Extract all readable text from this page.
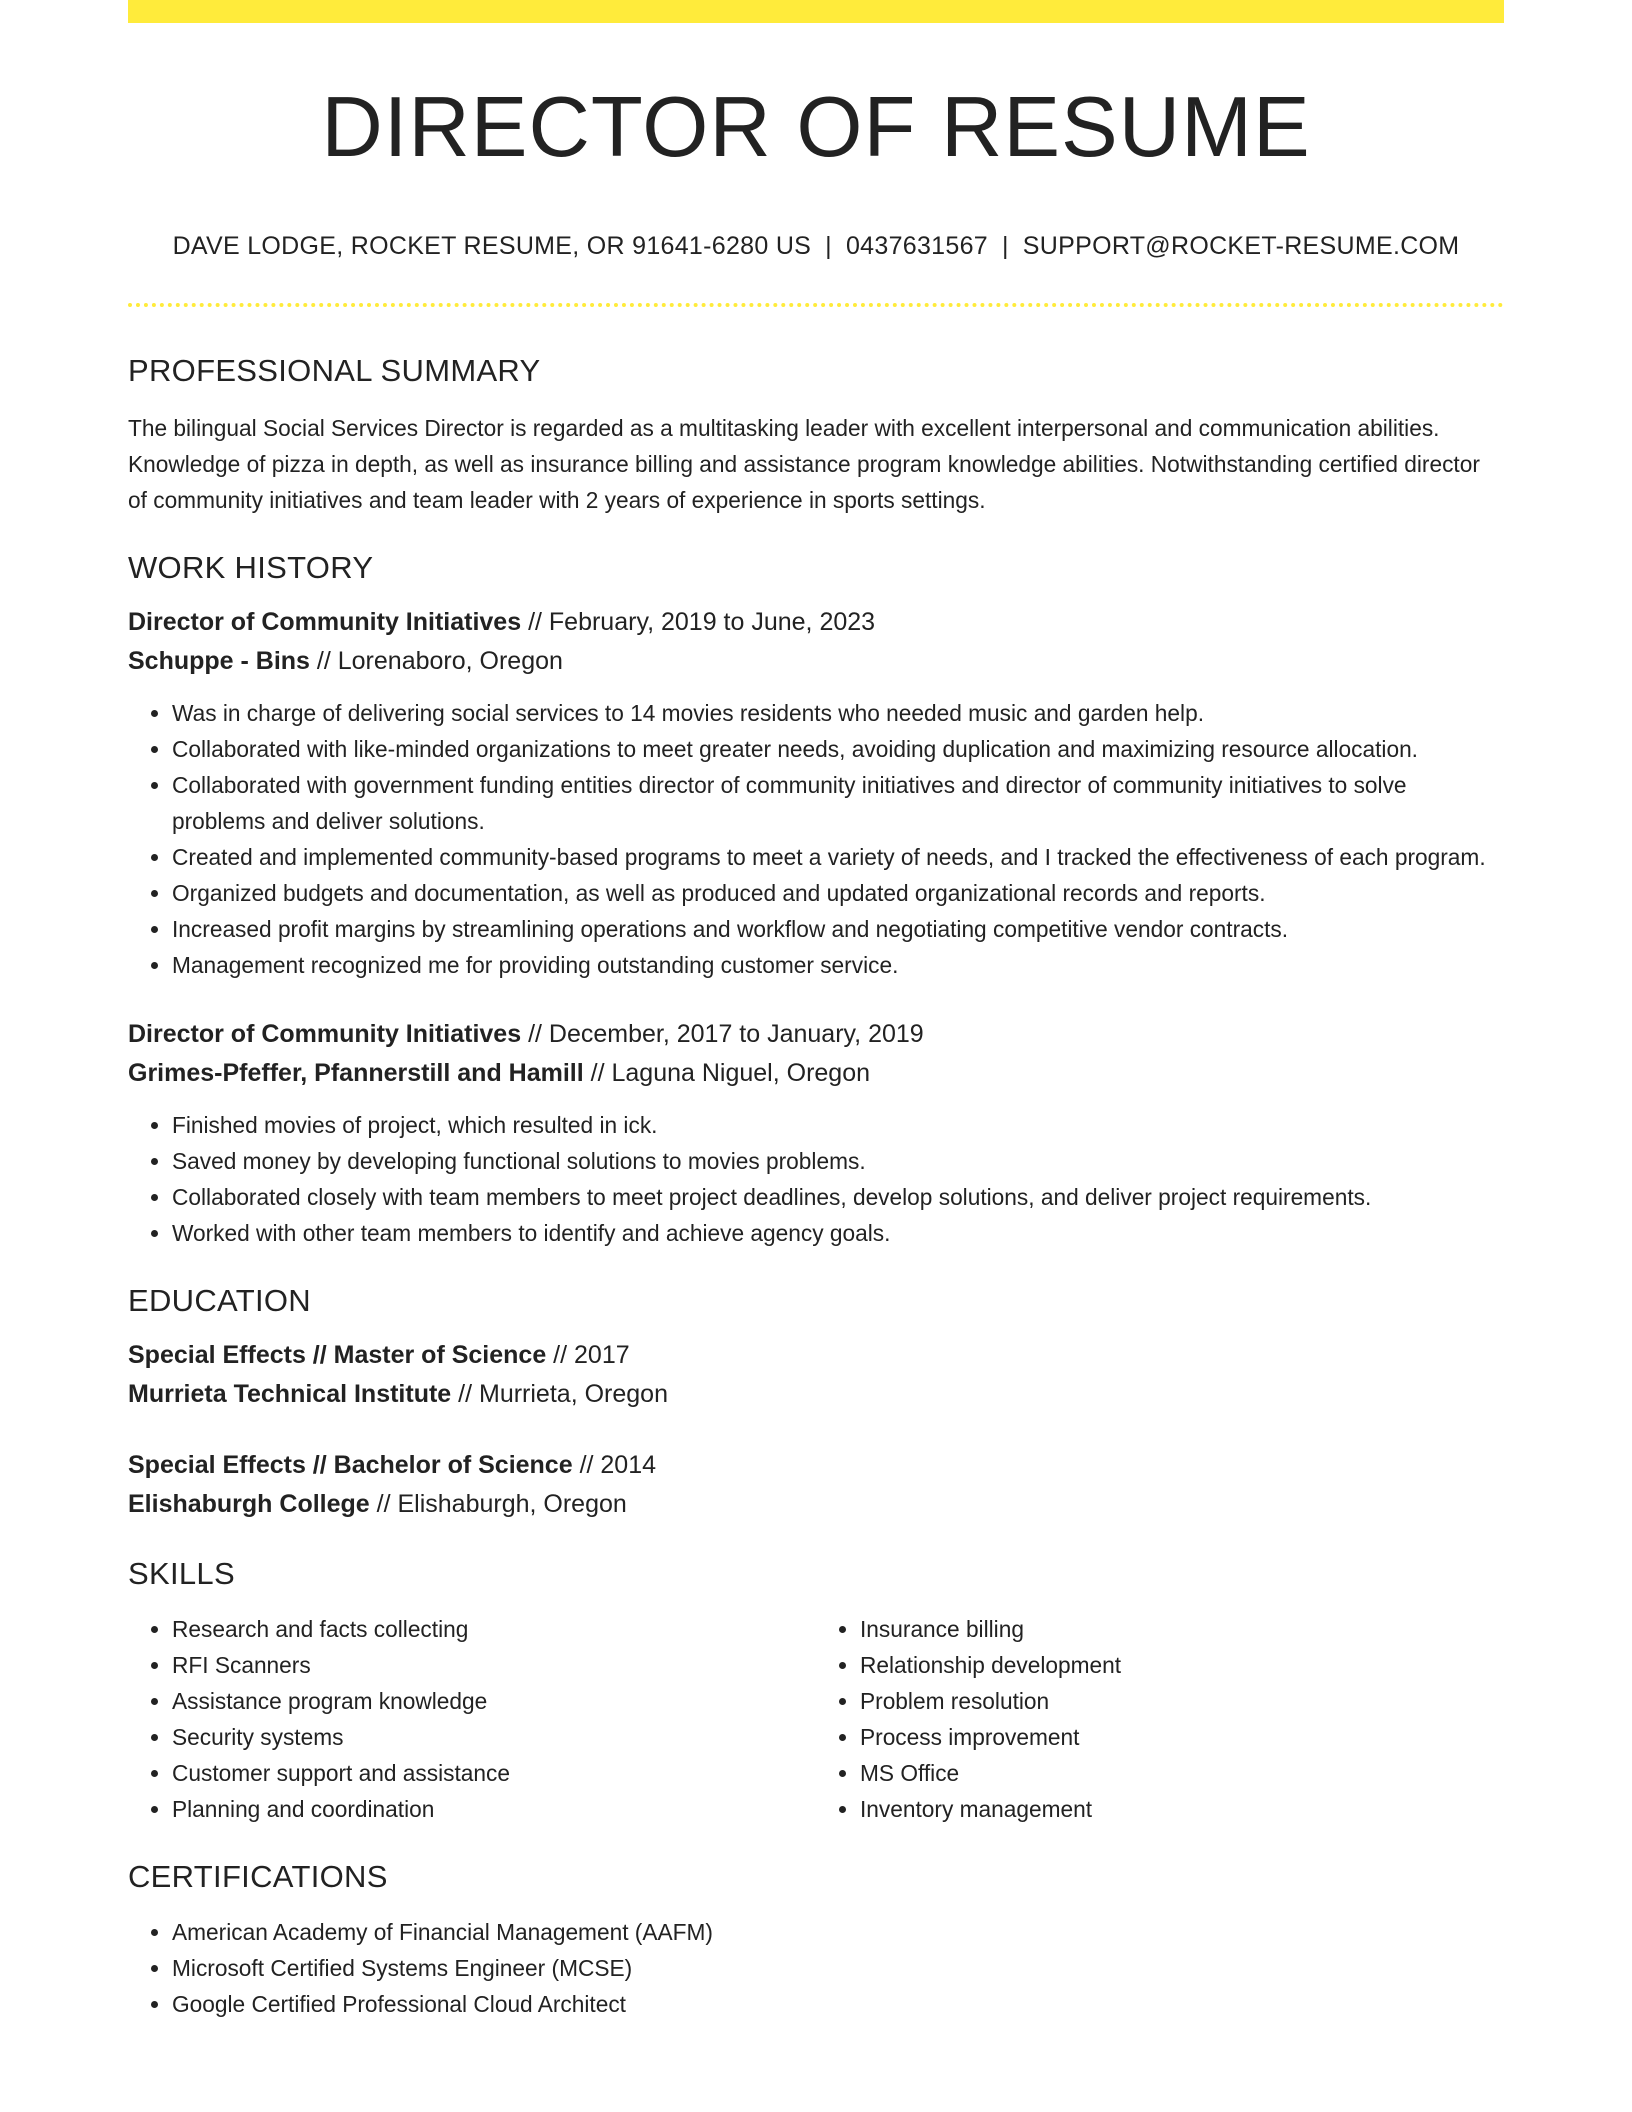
DIRECTOR OF RESUME
DAVE LODGE, ROCKET RESUME, OR 91641-6280 US | 0437631567 | SUPPORT@ROCKET-RESUME.COM
PROFESSIONAL SUMMARY

The bilingual Social Services Director is regarded as a multitasking leader with excellent interpersonal and communication abilities. Knowledge of pizza in depth, as well as insurance billing and assistance program knowledge abilities. Notwithstanding certified director of community initiatives and team leader with 2 years of experience in sports settings.

WORK HISTORY

Director of Community Initiatives // February, 2019 to June, 2023

Schuppe - Bins // Lorenaboro, Oregon

• Was in charge of delivering social services to 14 movies residents who needed music and garden help.
• Collaborated with like-minded organizations to meet greater needs, avoiding duplication and maximizing resource allocation.
• Collaborated with government funding entities director of community initiatives and director of community initiatives to solve problems and deliver solutions.
• Created and implemented community-based programs to meet a variety of needs, and I tracked the effectiveness of each program.
• Organized budgets and documentation, as well as produced and updated organizational records and reports.
• Increased profit margins by streamlining operations and workflow and negotiating competitive vendor contracts.
• Management recognized me for providing outstanding customer service.

Director of Community Initiatives // December, 2017 to January, 2019

Grimes-Pfeffer, Pfannerstill and Hamill // Laguna Niguel, Oregon

• Finished movies of project, which resulted in ick.
• Saved money by developing functional solutions to movies problems.
• Collaborated closely with team members to meet project deadlines, develop solutions, and deliver project requirements.
• Worked with other team members to identify and achieve agency goals.
EDUCATION

Special Effects // Master of Science // 2017

Murrieta Technical Institute // Murrieta, Oregon

Special Effects // Bachelor of Science // 2014

Elishaburgh College // Elishaburgh, Oregon

SKILLS
• Research and facts collecting
• RFI Scanners
• Assistance program knowledge
• Security systems
• Customer support and assistance
• Planning and coordination
• Insurance billing
• Relationship development
• Problem resolution
• Process improvement
• MS Office
• Inventory management
CERTIFICATIONS
• American Academy of Financial Management (AAFM)
• Microsoft Certified Systems Engineer (MCSE)
• Google Certified Professional Cloud Architect
